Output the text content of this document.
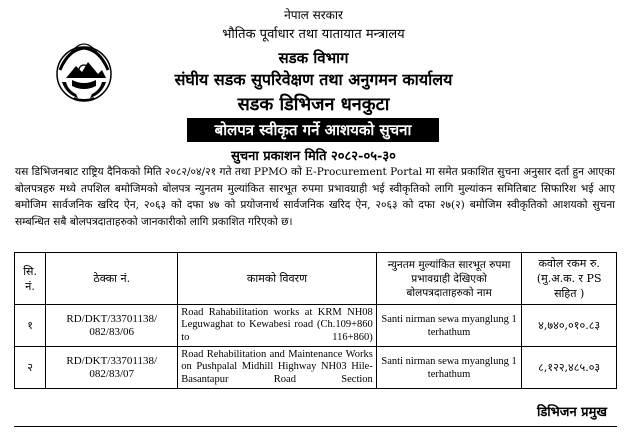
नेपाल सरकार
भौतिक पूर्वाधार तथा यातायात मन्त्रालय
सडक विभाग
संघीय सडक सुपरिवेक्षण तथा अनुगमन कार्यालय
सडक डिभिजन धनकुटा
बोलपत्र स्वीकृत गर्ने आशयको सुचना
सुचना प्रकाशन मिति २०८२-०५-३०
यस डिभिजनबाट राष्ट्रिय दैनिकको मिति २०८२/०४/२१ गते तथा PPMO को E-Procurement Portal मा समेत प्रकाशित सुचना अनुसार दर्ता हुन आएका बोलपत्रहरु मध्ये तपशिल बमोजिमको बोलपत्र न्युनतम मुल्यांकित सारभूत रुपमा प्रभावग्राही भई स्वीकृतिको लागि मुल्यांकन समितिबाट सिफारिश भई आए बमोजिम सार्वजनिक खरिद ऐन, २०६३ को दफा ४७ को प्रयोजनार्थ सार्वजनिक खरिद ऐन, २०६३ को दफा २७(२) बमोजिम स्वीकृतिको आशयको सुचना सम्बन्धित सबै बोलपत्रदाताहरुको जानकारीको लागि प्रकाशित गरिएको छ।
सि. नं.	ठेक्का नं.	कामको विवरण	न्युनतम मुल्यांकित सारभूत रुपमा प्रभावग्राही देखिएको बोलपत्रदाताहरुको नाम	कवोल रकम रु. (मु.अ.क. र PS सहित )
१	RD/DKT/33701138/ 082/83/06	Road Rahabilitation works at KRM NH08 Leguwaghat to Kewabesi road (Ch.109+860 to 116+860)	Santi nirman sewa myanglung 1 terhathum	४,७४०,०१०.८३
२	RD/DKT/33701138/ 082/83/07	Road Rehabilitation and Maintenance Works on Pushpalal Midhill Highway NH03 Hile-Basantapur Road Section	Santi nirman sewa myanglung 1 terhathum	८,१२२,४८५.०३
डिभिजन प्रमुख
